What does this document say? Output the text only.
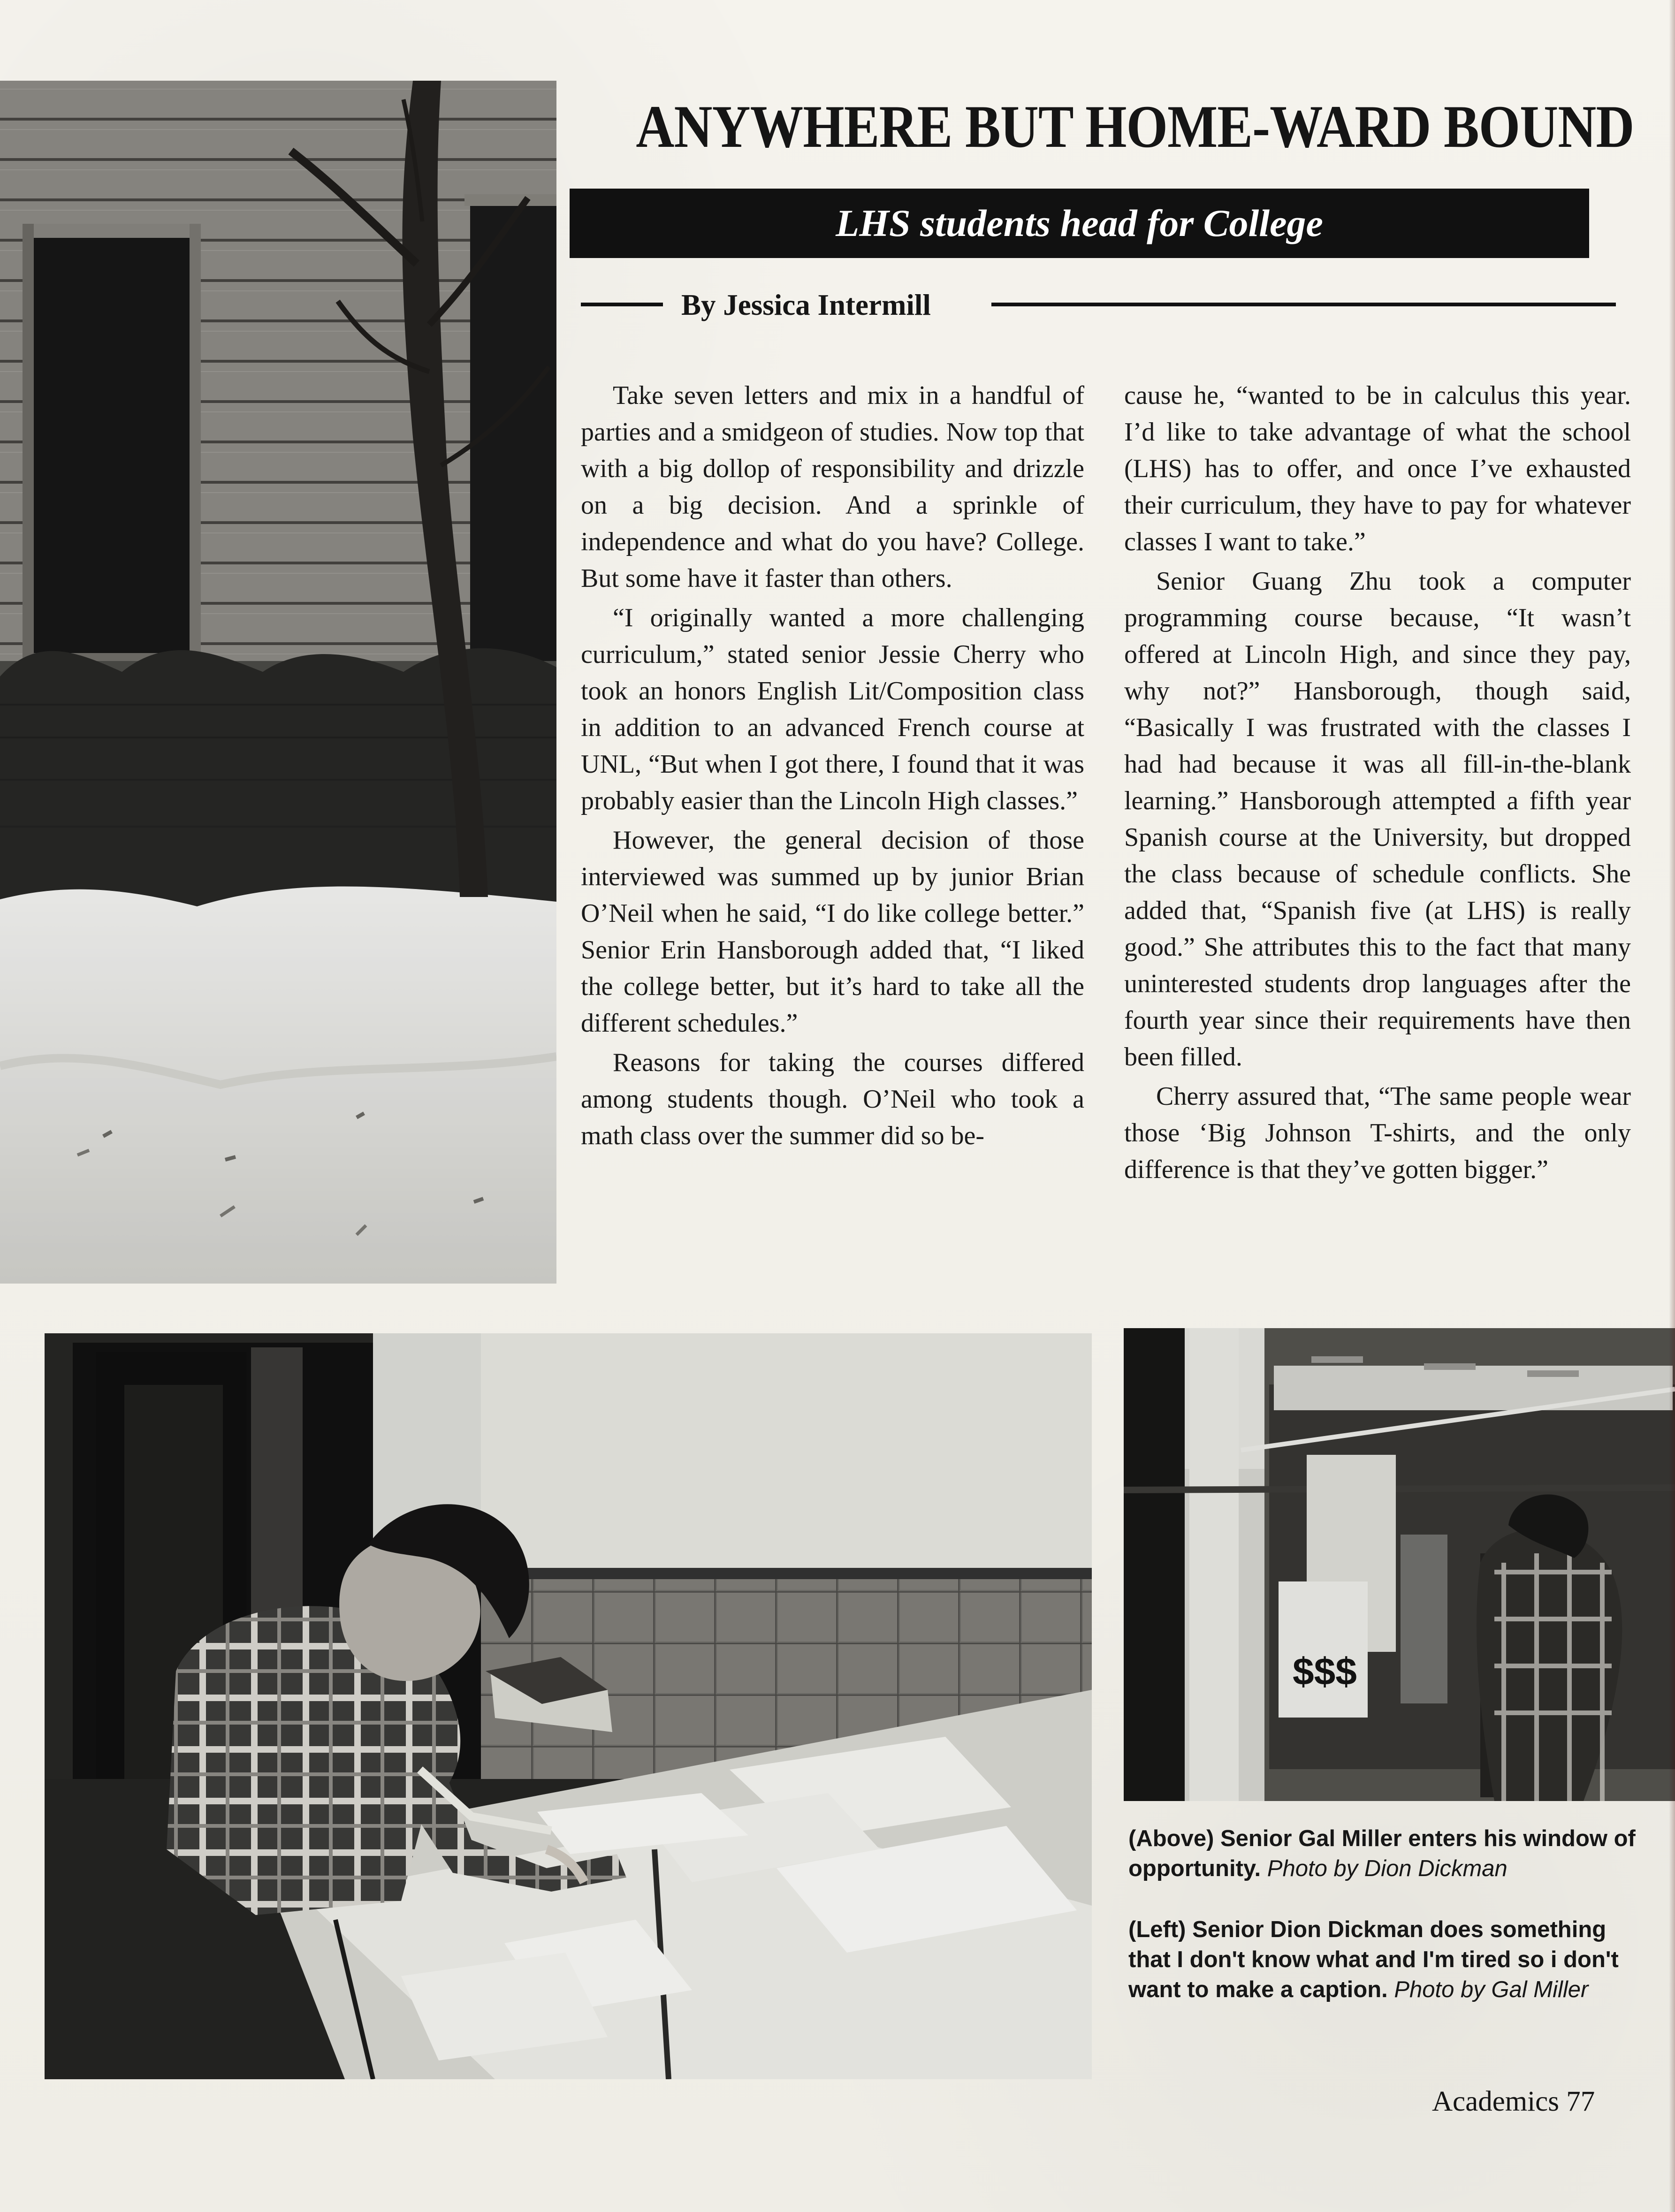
ANYWHERE BUT HOME-WARD BOUND
LHS students head for College
By Jessica Intermill

Take seven letters and mix in a handful of parties and a smidgeon of studies. Now top that with a big dollop of responsibility and drizzle on a big decision. And a sprinkle of independence and what do you have? College. But some have it faster than others.

“I originally wanted a more challenging curriculum,” stated senior Jessie Cherry who took an honors English Lit/Composition class in addition to an advanced French course at UNL, “But when I got there, I found that it was probably easier than the Lincoln High classes.”

However, the general decision of those interviewed was summed up by junior Brian O’Neil when he said, “I do like college better.” Senior Erin Hansborough added that, “I liked the college better, but it’s hard to take all the different schedules.”

Reasons for taking the courses differed among students though. O’Neil who took a math class over the summer did so be-

cause he, “wanted to be in calculus this year. I’d like to take advantage of what the school (LHS) has to offer, and once I’ve exhausted their curriculum, they have to pay for whatever classes I want to take.”

Senior Guang Zhu took a computer programming course because, “It wasn’t offered at Lincoln High, and since they pay, why not?” Hansborough, though said, “Basically I was frustrated with the classes I had had because it was all fill-in-the-blank learning.” Hansborough attempted a fifth year Spanish course at the University, but dropped the class because of schedule conflicts. She added that, “Spanish five (at LHS) is really good.” She attributes this to the fact that many uninterested students drop languages after the fourth year since their requirements have then been filled.

Cherry assured that, “The same people wear those ‘Big Johnson T-shirts, and the only difference is that they’ve gotten bigger.”

$$$
(Above) Senior Gal Miller enters his window of opportunity. Photo by Dion Dickman
(Left) Senior Dion Dickman does something that I don't know what and I'm tired so i don't want to make a caption. Photo by Gal Miller
Academics 77
